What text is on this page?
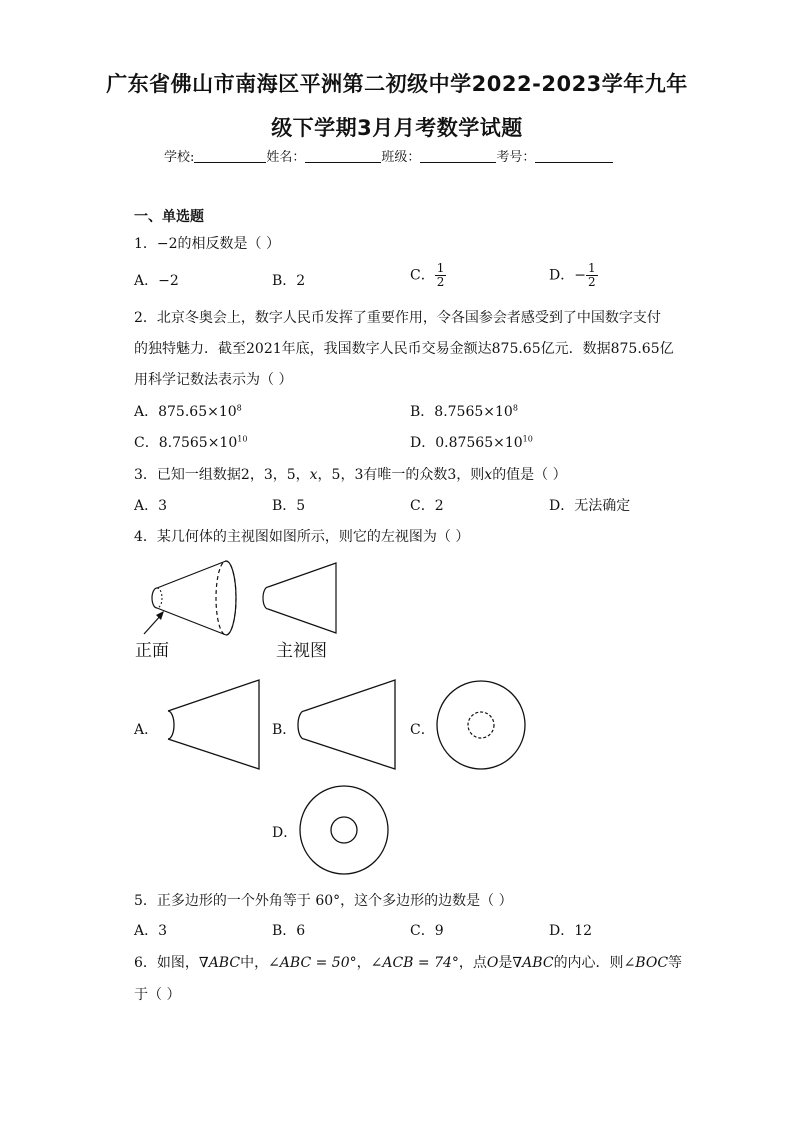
广东省佛山市南海区平洲第二初级中学2022-2023学年九年
级下学期3月月考数学试题
学校:	姓名：	班级：	考号：
一、单选题
1．−2的相反数是（ ）
A．−2	B．2	C． $\frac{1}{2}$	D．− $\frac{1}{2}$
2．北京冬奥会上，数字人民币发挥了重要作用，令各国参会者感受到了中国数字支付
的独特魅力．截至2021年底，我国数字人民币交易金额达875.65亿元．数据875.65亿
用科学记数法表示为（ ）
A．$875.65\times 10^8$	B．$8.7565\times 10^8$
C．$8.7565\times 10^{10}$	D．$0.87565\times 10^{10}$
3．已知一组数据2，3，5，x，5，3有唯一的众数3，则x的值是（ ）
A．3	B．5	C．2	D．无法确定
4．某几何体的主视图如图所示，则它的左视图为（ ）
正面	主视图
A．	B．	C．
D．
5．正多边形的一个外角等于 60°，这个多边形的边数是（ ）
A．3	B．6	C．9	D．12
6．如图，∇ABC中，∠ABC = 50°，∠ACB = 74°，点O是∇ABC的内心．则∠BOC等
于（ ）
